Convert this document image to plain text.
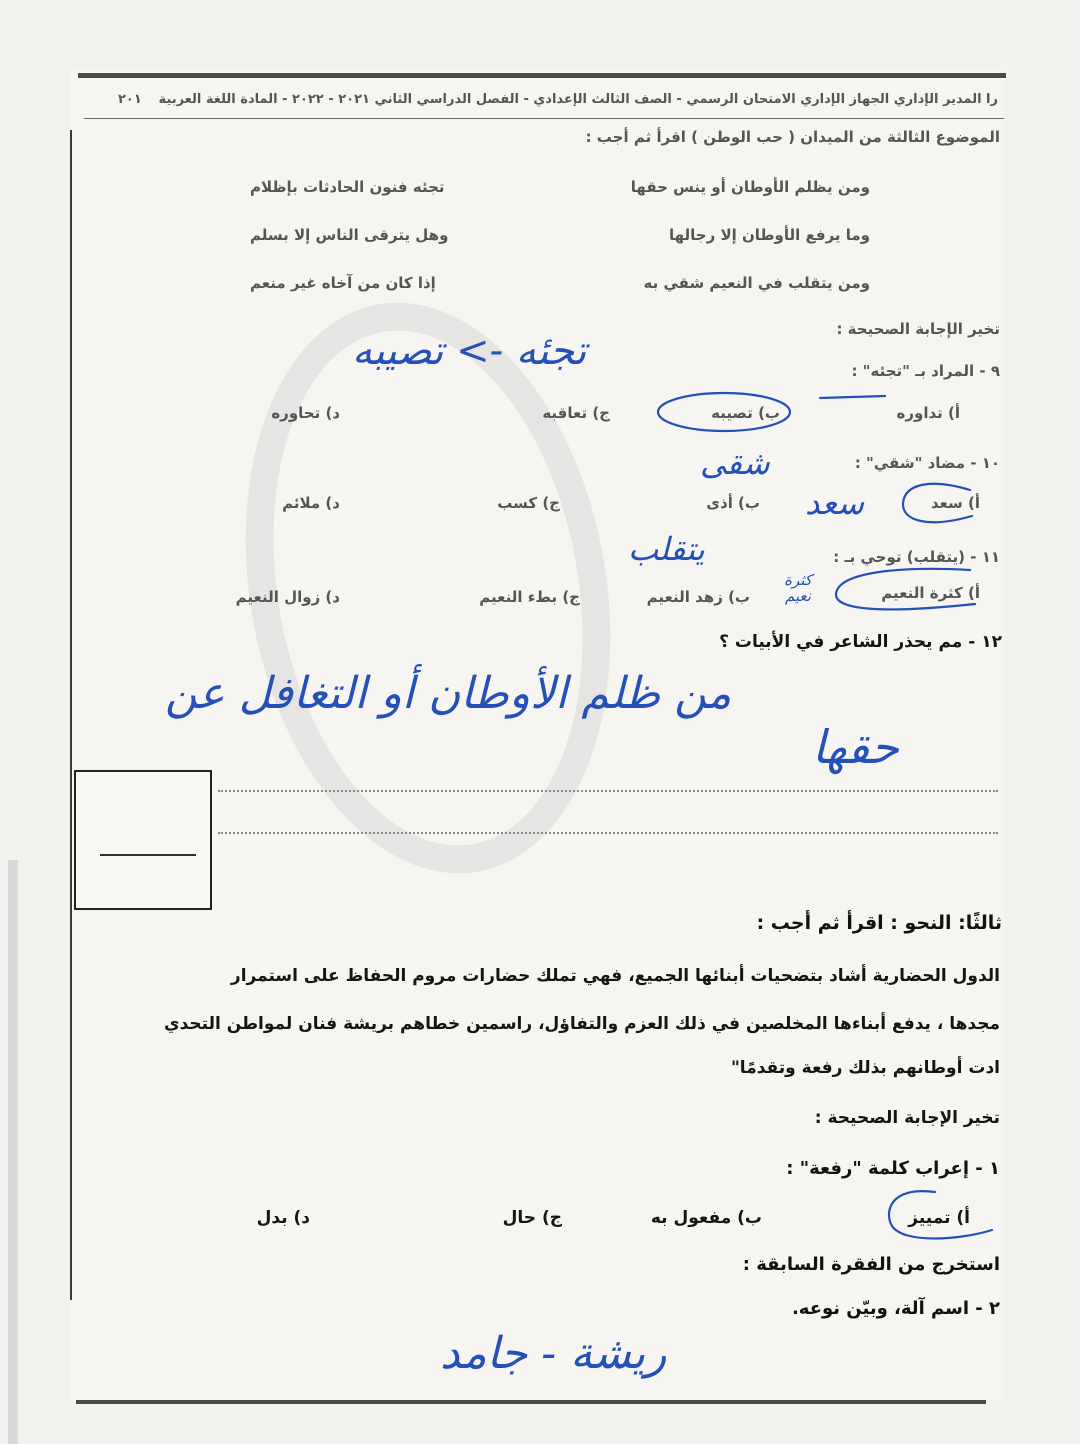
را المدير الإداري الجهاز الإداري الامتحان الرسمي - الصف الثالث الإعدادي - الفصل الدراسي الثاني ٢٠٢١ - ٢٠٢٢ - المادة اللغة العربية
٢٠١
الموضوع الثالثة من الميدان ( حب الوطن ) اقرأ ثم أجب :
ومن يظلم الأوطان أو ينس حقها
تجئه فنون الحادثات بإظلام
وما يرفع الأوطان إلا رجالها
وهل يترقى الناس إلا بسلم
ومن يتقلب في النعيم شقي به
إذا كان من آخاه غير منعم
تخير الإجابة الصحيحة :
٩ - المراد بـ "تجئه" :
تجئه -> تصيبه
أ) تداوره
ب) تصيبه
ج) تعاقبه
د) تحاوره
١٠ - مضاد "شقي" :
شقى
أ) سعد
سعد
ب) أذى
ج) كسب
د) ملائم
١١ - (يتقلب) توحي بـ :
يتقلب
أ) كثرة النعيم
كثرة نعيم
ب) زهد النعيم
ج) بطء النعيم
د) زوال النعيم
١٢ - مم يحذر الشاعر في الأبيات ؟
من ظلم الأوطان أو التغافل عن
حقها
ثالثًا: النحو : اقرأ ثم أجب :
الدول الحضارية أشاد بتضحيات أبنائها الجميع، فهي تملك حضارات مروم الحفاظ على استمرار
مجدها ، يدفع أبناءها المخلصين في ذلك العزم والتفاؤل، راسمين خطاهم بريشة فنان لمواطن التحدي
ادت أوطانهم بذلك رفعة وتقدمًا"
تخير الإجابة الصحيحة :
١ - إعراب كلمة "رفعة" :
أ) تمييز
ب) مفعول به
ج) حال
د) بدل
استخرج من الفقرة السابقة :
٢ - اسم آلة، وبيّن نوعه.
ريشة - جامد
